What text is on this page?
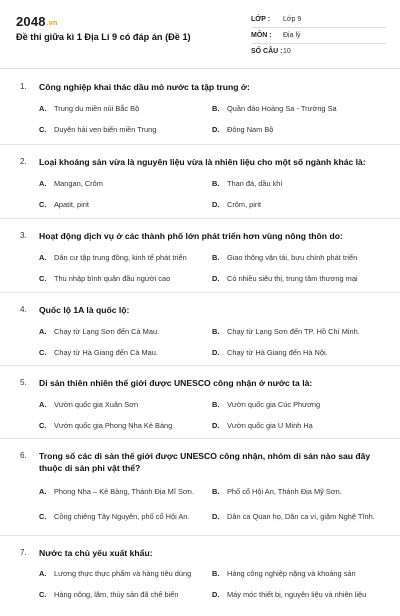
2048.vn
Đề thi giữa kì 1 Địa Lí 9 có đáp án (Đề 1)
LỚP :	Lớp 9
MÔN :	Địa lý
SỐ CÂU : 10
1. Công nghiệp khai thác dầu mỏ nước ta tập trung ở:
A.	Trung du miền núi Bắc Bộ	B.	Quần đảo Hoàng Sa - Trường Sa
C.	Duyên hải ven biển miền Trung	D.	Đông Nam Bộ
2. Loại khoáng sản vừa là nguyên liệu vừa là nhiên liệu cho một số ngành khác là:
A.	Mangan, Crôm	B.	Than đá, dầu khí
C.	Apatit, pirit	D.	Crôm, pirit
3. Hoạt động dịch vụ ở các thành phố lớn phát triển hơn vùng nông thôn do:
A.	Dân cư tập trung đông, kinh tế phát triển	B.	Giao thông vận tải, bưu chính phát triển
C.	Thu nhập bình quân đầu người cao	D.	Có nhiều siêu thị, trung tâm thương mại
4. Quốc lộ 1A là quốc lộ:
A.	Chạy từ Lạng Sơn đến Cà Mau.	B.	Chạy từ Lạng Sơn đến TP. Hồ Chí Minh.
C.	Chạy từ Hà Giang đến Cà Mau.	D.	Chạy từ Hà Giang đến Hà Nội.
5. Di sản thiên nhiên thế giới được UNESCO công nhận ở nước ta là:
A.	Vườn quốc gia Xuân Sơn	B.	Vườn quốc gia Cúc Phương
C.	Vườn quốc gia Phong Nha Kẻ Bàng	D.	Vườn quốc gia U Minh Hạ
6. Trong số các di sản thế giới được UNESCO công nhận, nhóm di sản nào sau đây thuộc di sản phi vật thể?
A.	Phong Nha – Kẻ Bàng, Thánh Địa Mĩ Sơn.	B.	Phố cổ Hội An, Thánh Địa Mỹ Sơn.
C.	Cồng chiêng Tây Nguyên, phố cổ Hội An.	D.	Dân ca Quan họ, Dân ca ví, giặm Nghệ Tĩnh.
7. Nước ta chủ yếu xuất khẩu:
A.	Lương thực thực phẩm và hàng tiêu dùng	B.	Hàng công nghiệp nặng và khoáng sản
C.	Hàng nông, lâm, thủy sản đã chế biến	D.	Máy móc thiết bị, nguyên liệu và nhiên liệu
